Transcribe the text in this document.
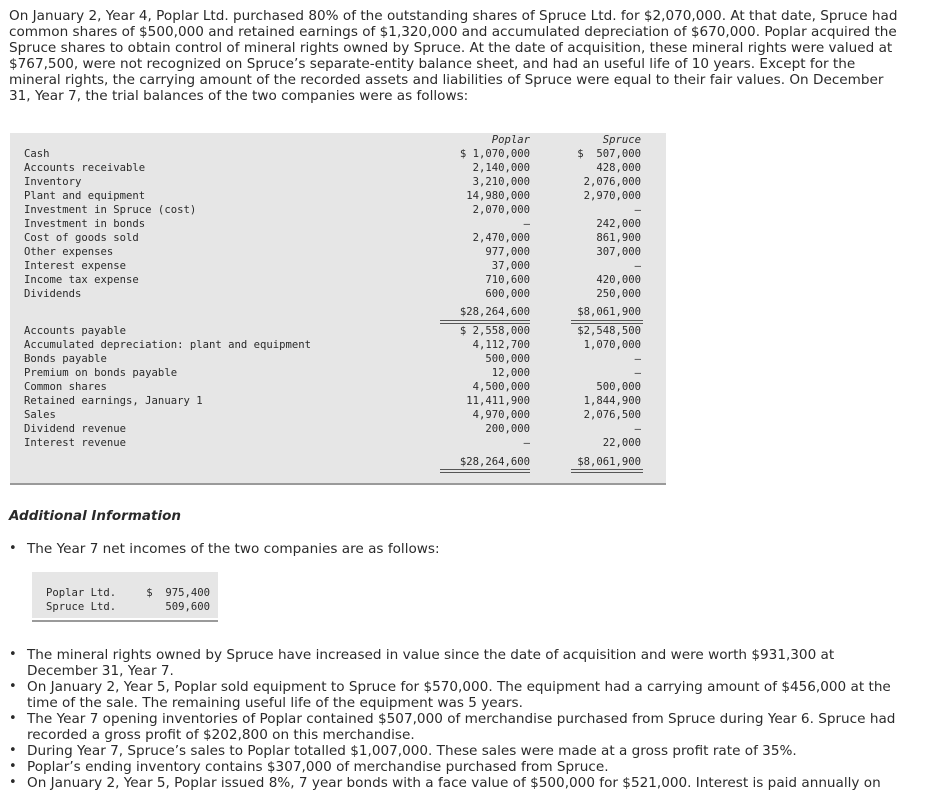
On January 2, Year 4, Poplar Ltd. purchased 80% of the outstanding shares of Spruce Ltd. for $2,070,000. At that date, Spruce had common shares of $500,000 and retained earnings of $1,320,000 and accumulated depreciation of $670,000. Poplar acquired the Spruce shares to obtain control of mineral rights owned by Spruce. At the date of acquisition, these mineral rights were valued at $767,500, were not recognized on Spruce’s separate-entity balance sheet, and had an useful life of 10 years. Except for the mineral rights, the carrying amount of the recorded assets and liabilities of Spruce were equal to their fair values. On December 31, Year 7, the trial balances of the two companies were as follows:
Poplar	Spruce
Cash	$ 1,070,000	$  507,000
Accounts receivable	2,140,000	428,000
Inventory	3,210,000	2,076,000
Plant and equipment	14,980,000	2,970,000
Investment in Spruce (cost)	2,070,000	–
Investment in bonds	–	242,000
Cost of goods sold	2,470,000	861,900
Other expenses	977,000	307,000
Interest expense	37,000	–
Income tax expense	710,600	420,000
Dividends	600,000	250,000
$28,264,600	$8,061,900
Accounts payable	$ 2,558,000	$2,548,500
Accumulated depreciation: plant and equipment	4,112,700	1,070,000
Bonds payable	500,000	–
Premium on bonds payable	12,000	–
Common shares	4,500,000	500,000
Retained earnings, January 1	11,411,900	1,844,900
Sales	4,970,000	2,076,500
Dividend revenue	200,000	–
Interest revenue	–	22,000
$28,264,600	$8,061,900
Additional Information
The Year 7 net incomes of the two companies are as follows:
•
Poplar Ltd.	$  975,400
Spruce Ltd.	509,600
• The mineral rights owned by Spruce have increased in value since the date of acquisition and were worth $931,300 at December 31, Year 7.
• On January 2, Year 5, Poplar sold equipment to Spruce for $570,000. The equipment had a carrying amount of $456,000 at the time of the sale. The remaining useful life of the equipment was 5 years.
• The Year 7 opening inventories of Poplar contained $507,000 of merchandise purchased from Spruce during Year 6. Spruce had recorded a gross profit of $202,800 on this merchandise.
• During Year 7, Spruce’s sales to Poplar totalled $1,007,000. These sales were made at a gross profit rate of 35%.
• Poplar’s ending inventory contains $307,000 of merchandise purchased from Spruce.
• On January 2, Year 5, Poplar issued 8%, 7 year bonds with a face value of $500,000 for $521,000. Interest is paid annually on
